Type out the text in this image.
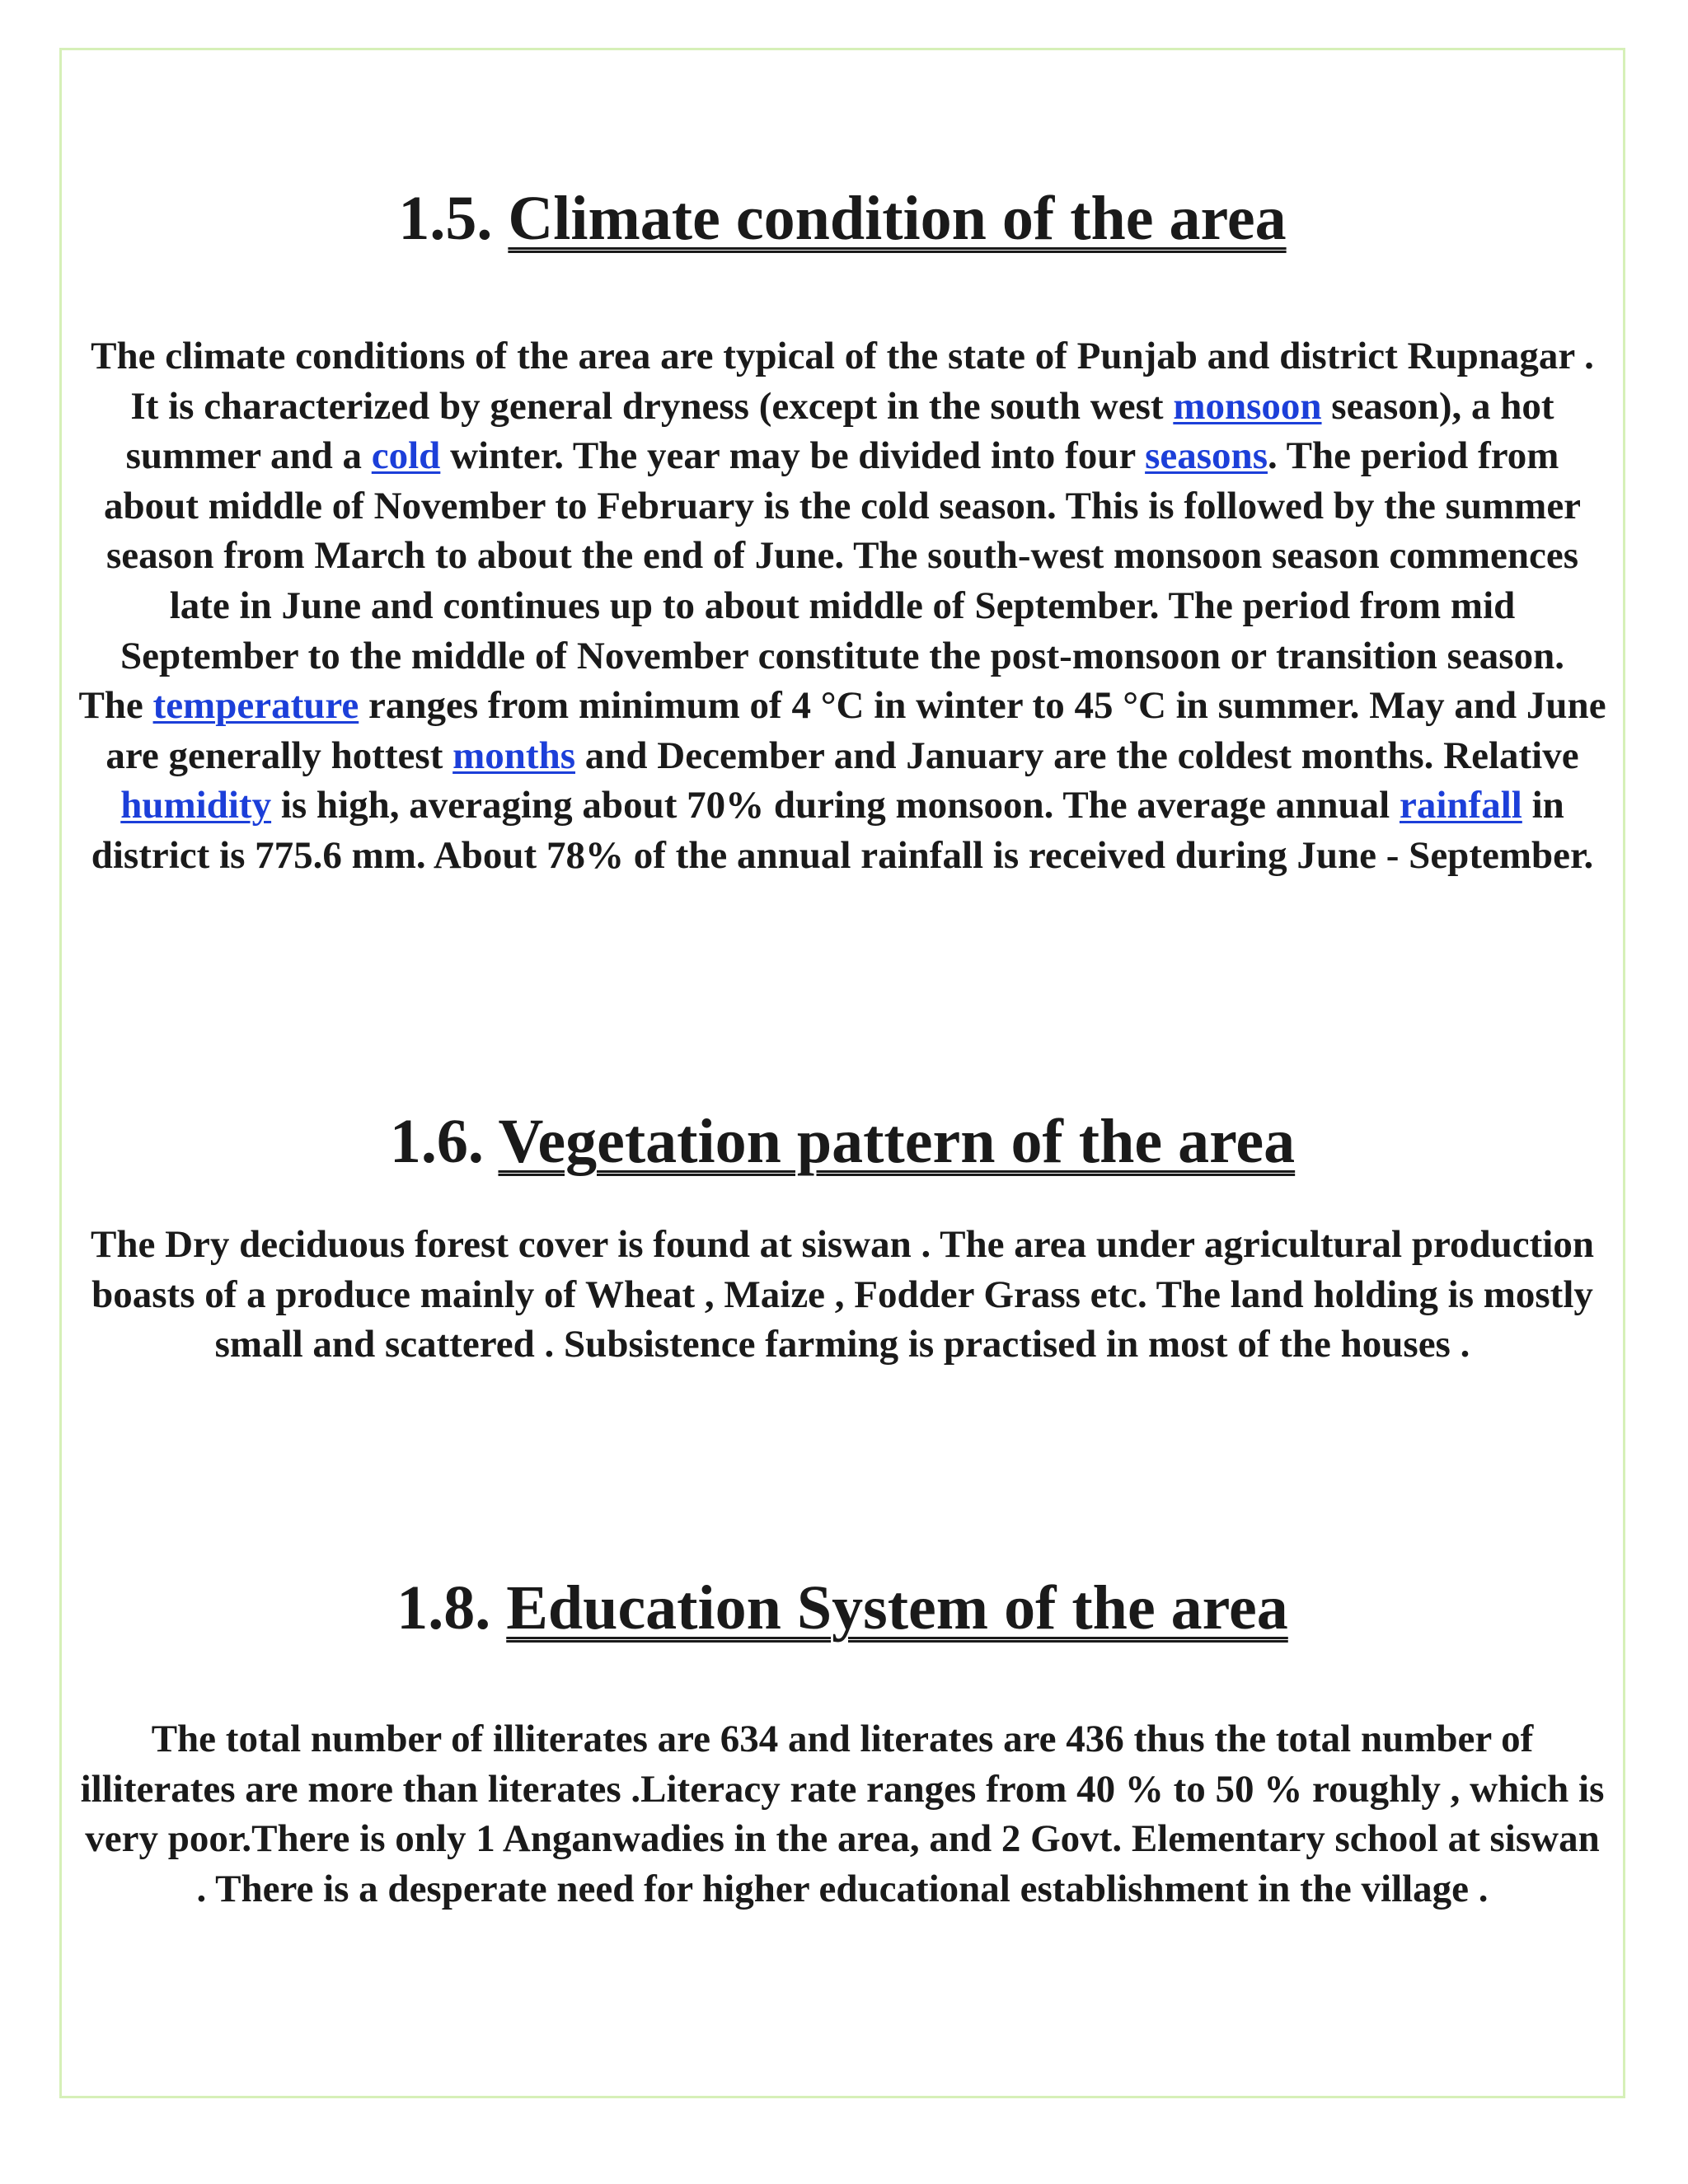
1.5. Climate condition of the area

The climate conditions of the area are typical of the state of Punjab and district Rupnagar . It is characterized by general dryness (except in the south west monsoon season), a hot summer and a cold winter. The year may be divided into four seasons. The period from about middle of November to February is the cold season. This is followed by the summer season from March to about the end of June. The south-west monsoon season commences late in June and continues up to about middle of September. The period from mid September to the middle of November constitute the post-monsoon or transition season.

The temperature ranges from minimum of 4 °C in winter to 45 °C in summer. May and June are generally hottest months and December and January are the coldest months. Relative humidity is high, averaging about 70% during monsoon. The average annual rainfall in district is 775.6 mm. About 78% of the annual rainfall is received during June - September.

1.6. Vegetation pattern of the area

The Dry deciduous forest cover is found at siswan . The area under agricultural production boasts of a produce mainly of Wheat , Maize , Fodder Grass etc. The land holding is mostly small and scattered . Subsistence farming is practised in most of the houses .

1.8. Education System of the area

The total number of illiterates are 634 and literates are 436 thus the total number of illiterates are more than literates .Literacy rate ranges from 40 % to 50 % roughly , which is very poor.There is only 1 Anganwadies in the area, and 2 Govt. Elementary school at siswan . There is a desperate need for higher educational establishment in the village .
